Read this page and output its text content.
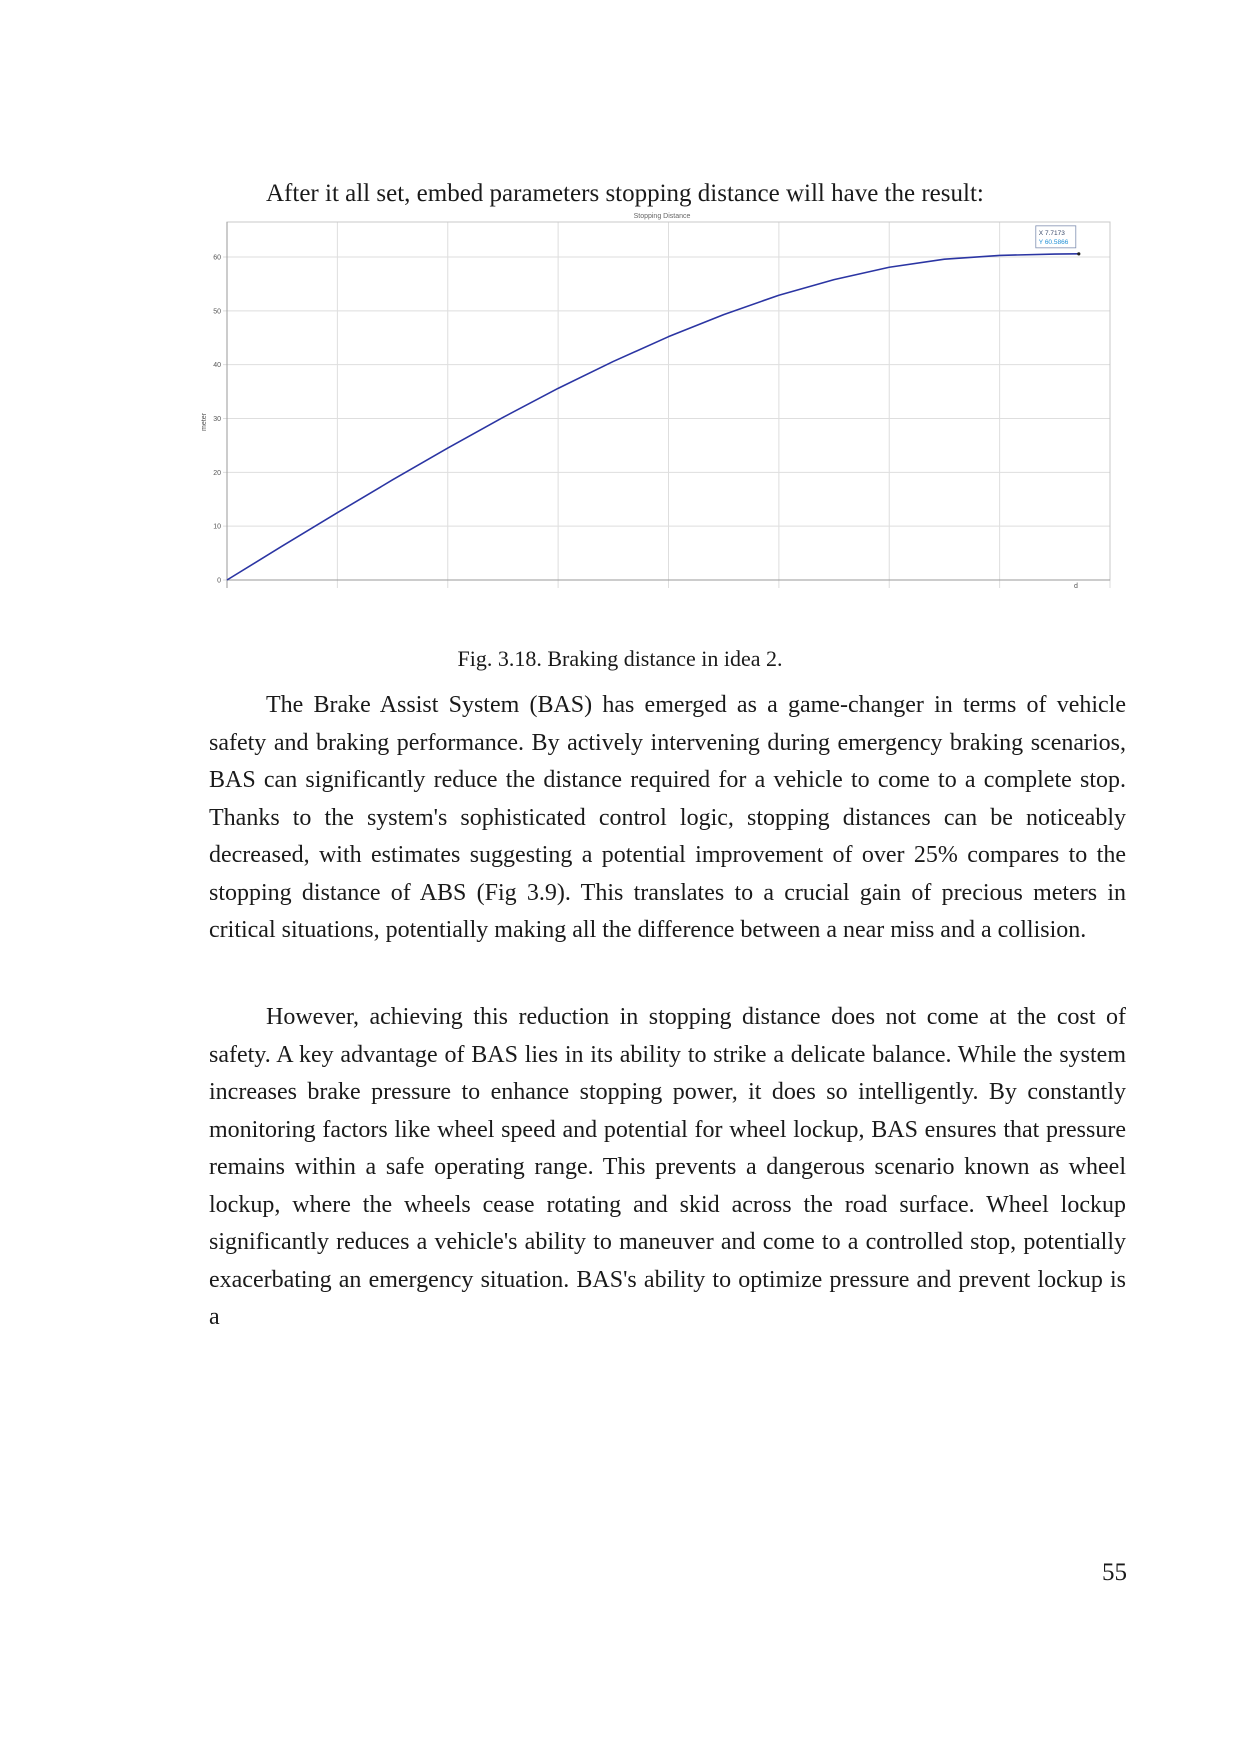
After it all set, embed parameters stopping distance will have the result:
0
10
20
30
40
50
60
X 7.7173
Y 60.5866
Stopping Distance
meter
d
Fig. 3.18. Braking distance in idea 2.

The Brake Assist System (BAS) has emerged as a game-changer in terms of vehicle safety and braking performance. By actively intervening during emergency braking scenarios, BAS can significantly reduce the distance required for a vehicle to come to a complete stop. Thanks to the system's sophisticated control logic, stopping distances can be noticeably decreased, with estimates suggesting a potential improvement of over 25% compares to the stopping distance of ABS (Fig 3.9). This translates to a crucial gain of precious meters in critical situations, potentially making all the difference between a near miss and a collision.

However, achieving this reduction in stopping distance does not come at the cost of safety. A key advantage of BAS lies in its ability to strike a delicate balance. While the system increases brake pressure to enhance stopping power, it does so intelligently. By constantly monitoring factors like wheel speed and potential for wheel lockup, BAS ensures that pressure remains within a safe operating range. This prevents a dangerous scenario known as wheel lockup, where the wheels cease rotating and skid across the road surface. Wheel lockup significantly reduces a vehicle's ability to maneuver and come to a controlled stop, potentially exacerbating an emergency situation. BAS's ability to optimize pressure and prevent lockup is a

55
